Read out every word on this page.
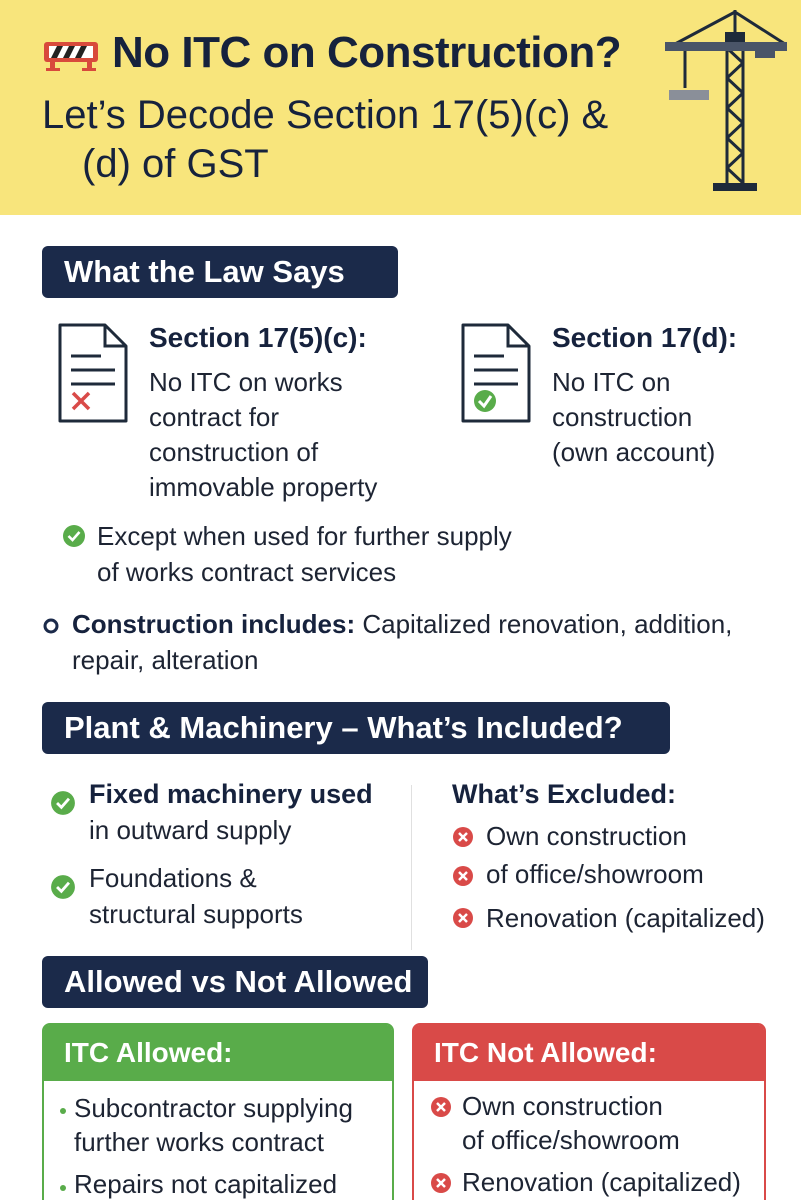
No ITC on Construction?
Let’s Decode Section 17(5)(c) &
(d) of GST
What the Law Says
Section 17(5)(c):
No ITC on works
contract for
construction of
immovable property
Section 17(d):
No ITC on
construction
(own account)
Except when used for further supply
of works contract services
Construction includes: Capitalized renovation, addition,
repair, alteration
Plant & Machinery – What’s Included?
Fixed machinery used
in outward supply
Foundations &
structural supports
What’s Excluded:
Own construction
of office/showroom
Renovation (capitalized)
Allowed vs Not Allowed
ITC Allowed:
Subcontractor supplying
further works contract
Repairs not capitalized
ITC Not Allowed:
Own construction
of office/showroom
Renovation (capitalized)
